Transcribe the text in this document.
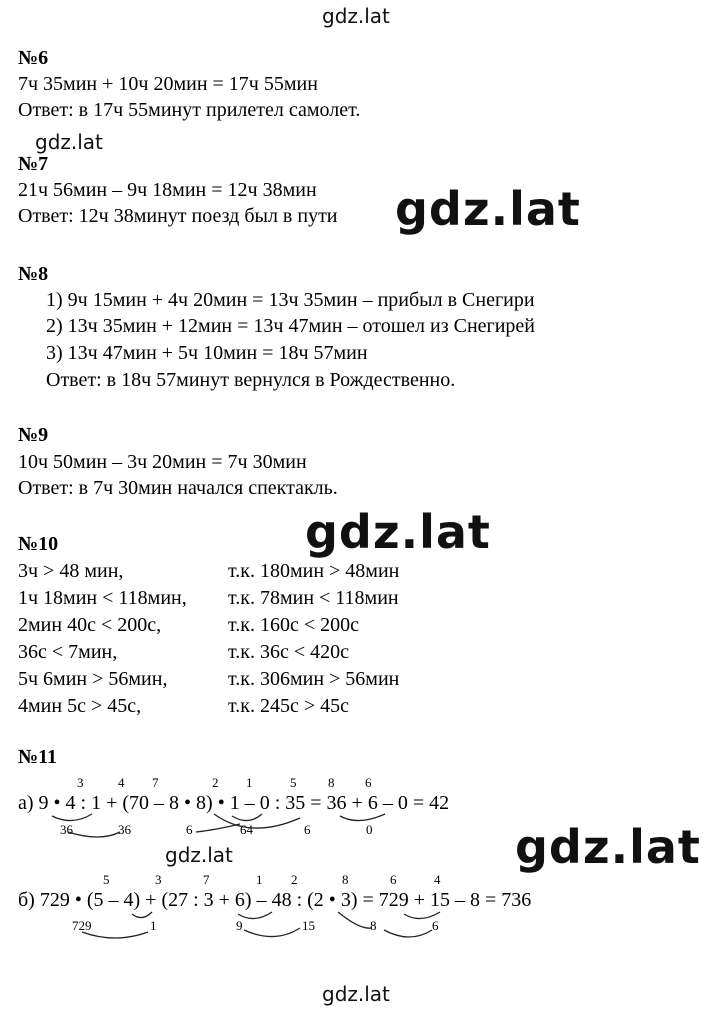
gdz.lat
gdz.lat
gdz.lat
gdz.lat
gdz.lat
gdz.lat
gdz.lat
№6
7ч 35мин + 10ч 20мин = 17ч 55мин
Ответ: в 17ч 55минут прилетел самолет.
№7
21ч 56мин – 9ч 18мин = 12ч 38мин
Ответ: 12ч 38минут поезд был в пути
№8
1) 9ч 15мин + 4ч 20мин = 13ч 35мин – прибыл в Снегири
2) 13ч 35мин + 12мин = 13ч 47мин – отошел из Снегирей
3) 13ч 47мин + 5ч 10мин = 18ч 57мин
Ответ: в 18ч 57минут вернулся в Рождественно.
№9
10ч 50мин – 3ч 20мин = 7ч 30мин
Ответ: в 7ч 30мин начался спектакль.
№10
3ч > 48 мин,	т.к. 180мин > 48мин
1ч 18мин < 118мин, т.к. 78мин < 118мин
2мин 40с < 200с,	т.к. 160с < 200с
36с < 7мин,	т.к. 36с < 420с
5ч 6мин > 56мин,	т.к. 306мин > 56мин
4мин 5с > 45с,	т.к. 245с > 45с
№11
3	4 7	2 1	5 8 6
а) 9 • 4 : 1 + (70 – 8 • 8) • 1 – 0 : 35 = 36 + 6 – 0 = 42
36	36	6	64	6	0
5	3	7	1 2	8	6	4
б) 729 • (5 – 4) + (27 : 3 + 6) – 48 : (2 • 3) = 729 + 15 – 8 = 736
729	1	9	15	8	6
